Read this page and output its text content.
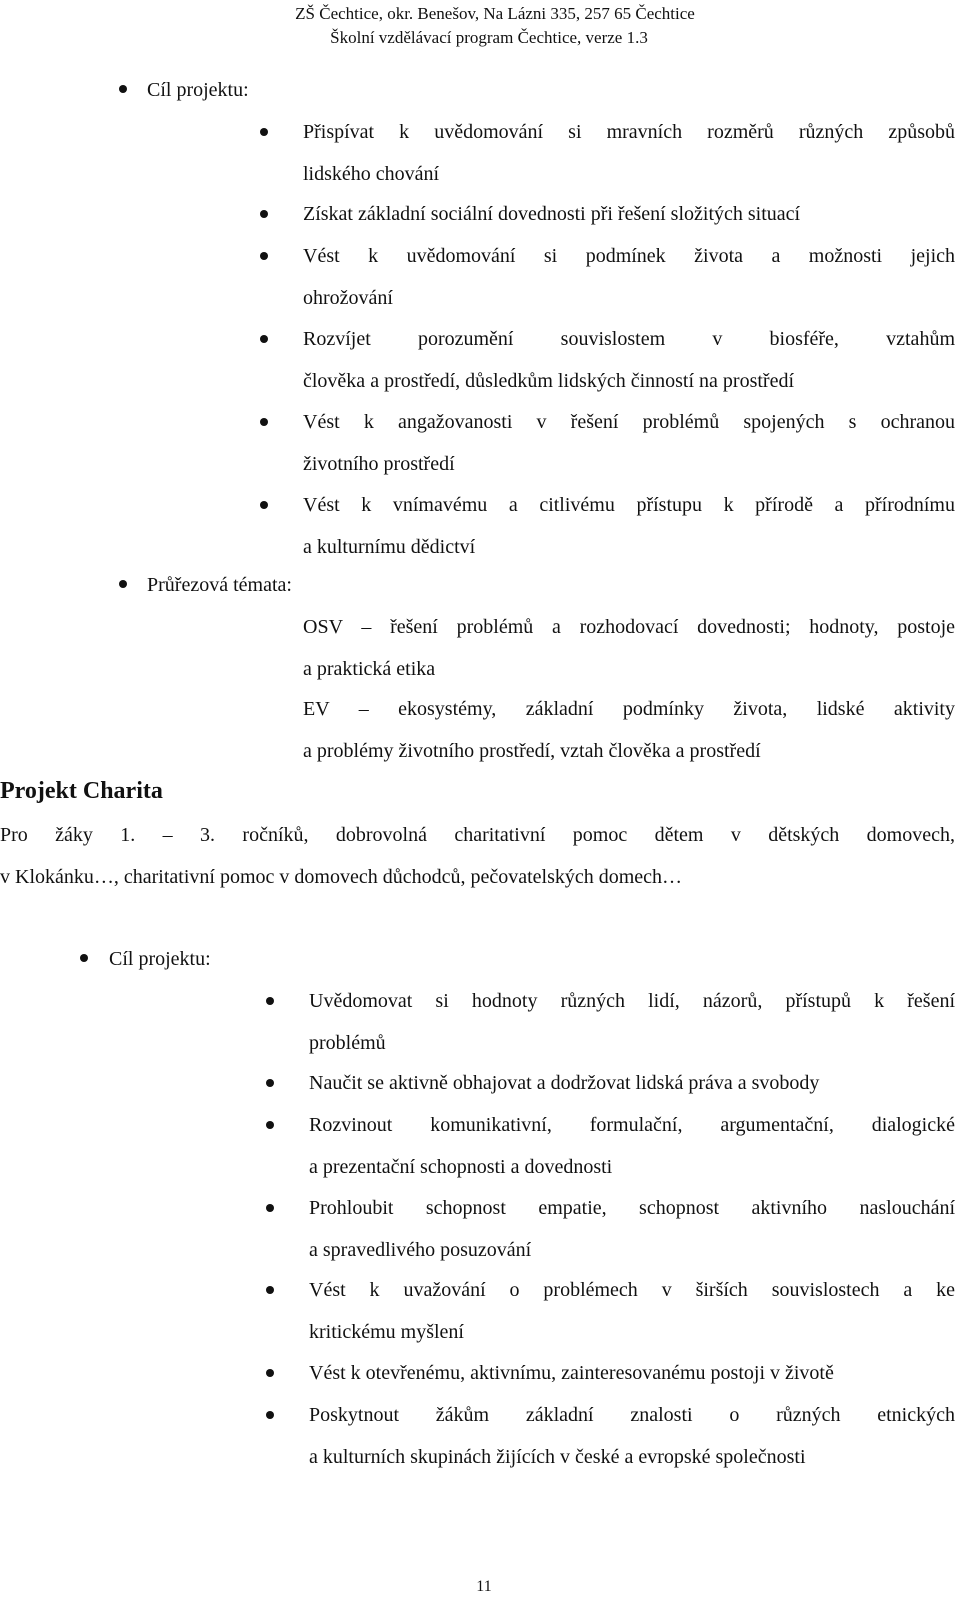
ZŠ Čechtice, okr. Benešov, Na Lázni 335, 257 65 Čechtice
Školní vzdělávací program Čechtice, verze 1.3
Cíl projektu:
Přispívat k uvědomování si mravních rozměrů různých způsobů
lidského chování
Získat základní sociální dovednosti při řešení složitých situací
Vést k uvědomování si podmínek života a možnosti jejich
ohrožování
Rozvíjet porozumění souvislostem v biosféře, vztahům
člověka a prostředí, důsledkům lidských činností na prostředí
Vést k angažovanosti v řešení problémů spojených s ochranou
životního prostředí
Vést k vnímavému a citlivému přístupu k přírodě a přírodnímu
a kulturnímu dědictví
Průřezová témata:
OSV – řešení problémů a rozhodovací dovednosti; hodnoty, postoje
a praktická etika
EV – ekosystémy, základní podmínky života, lidské aktivity
a problémy životního prostředí, vztah člověka a prostředí
Projekt Charita
Pro žáky 1. – 3. ročníků, dobrovolná charitativní pomoc dětem v dětských domovech,
v Klokánku…, charitativní pomoc v domovech důchodců, pečovatelských domech…
Cíl projektu:
Uvědomovat si hodnoty různých lidí, názorů, přístupů k řešení
problémů
Naučit se aktivně obhajovat a dodržovat lidská práva a svobody
Rozvinout komunikativní, formulační, argumentační, dialogické
a prezentační schopnosti a dovednosti
Prohloubit schopnost empatie, schopnost aktivního naslouchání
a spravedlivého posuzování
Vést k uvažování o problémech v širších souvislostech a ke
kritickému myšlení
Vést k otevřenému, aktivnímu, zainteresovanému postoji v životě
Poskytnout žákům základní znalosti o různých etnických
a kulturních skupinách žijících v české a evropské společnosti
11
